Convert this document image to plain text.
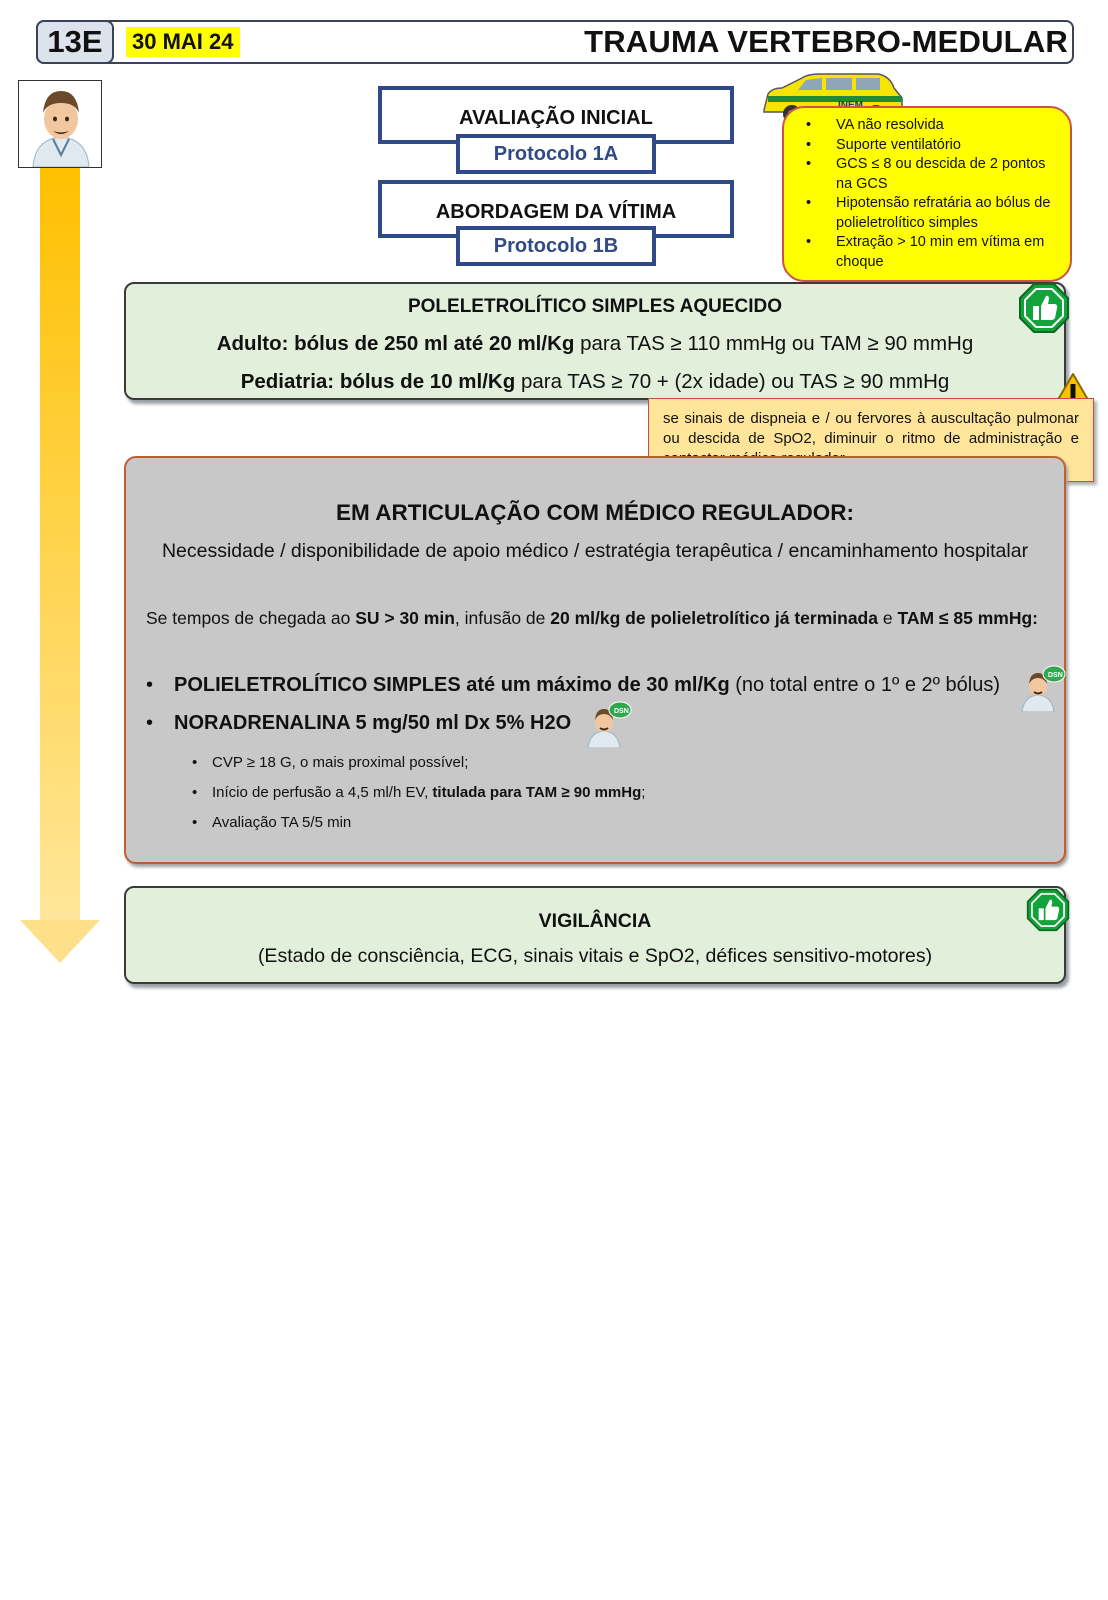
13E	30 MAI 24	TRAUMA VERTEBRO-MEDULAR
AVALIAÇÃO INICIAL
Protocolo 1A
ABORDAGEM DA VÍTIMA
Protocolo 1B
• VA não resolvida
• Suporte ventilatório
• GCS ≤ 8 ou descida de 2 pontos na GCS
• Hipotensão refratária ao bólus de polieletrolítico simples
• Extração > 10 min em vítima em choque
POLELETROLÍTICO SIMPLES AQUECIDO
Adulto: bólus de 250 ml até 20 ml/Kg para TAS ≥ 110 mmHg ou TAM ≥ 90 mmHg
Pediatria: bólus de 10 ml/Kg para TAS ≥ 70 + (2x idade) ou TAS ≥ 90 mmHg
se sinais de dispneia e / ou fervores à auscultação pulmonar ou descida de SpO2, diminuir o ritmo de administração e
EM ARTICULAÇÃO COM MÉDICO REGULADOR:
Necessidade / disponibilidade de apoio médico / estratégia terapêutica / encaminhamento hospitalar
Se tempos de chegada ao SU > 30 min, infusão de 20 ml/kg de polieletrolítico já terminada e TAM ≤ 85 mmHg:
• POLIELETROLÍTICO SIMPLES até um máximo de 30 ml/Kg (no total entre o 1º e 2º bólus)
• NORADRENALINA 5 mg/50 ml Dx 5% H2O
• CVP ≥ 18 G, o mais proximal possível;
• Início de perfusão a 4,5 ml/h EV, titulada para TAM ≥ 90 mmHg;
• Avaliação TA 5/5 min
DSN
DSN
VIGILÂNCIA
(Estado de consciência, ECG, sinais vitais e SpO2, défices sensitivo-motores)
